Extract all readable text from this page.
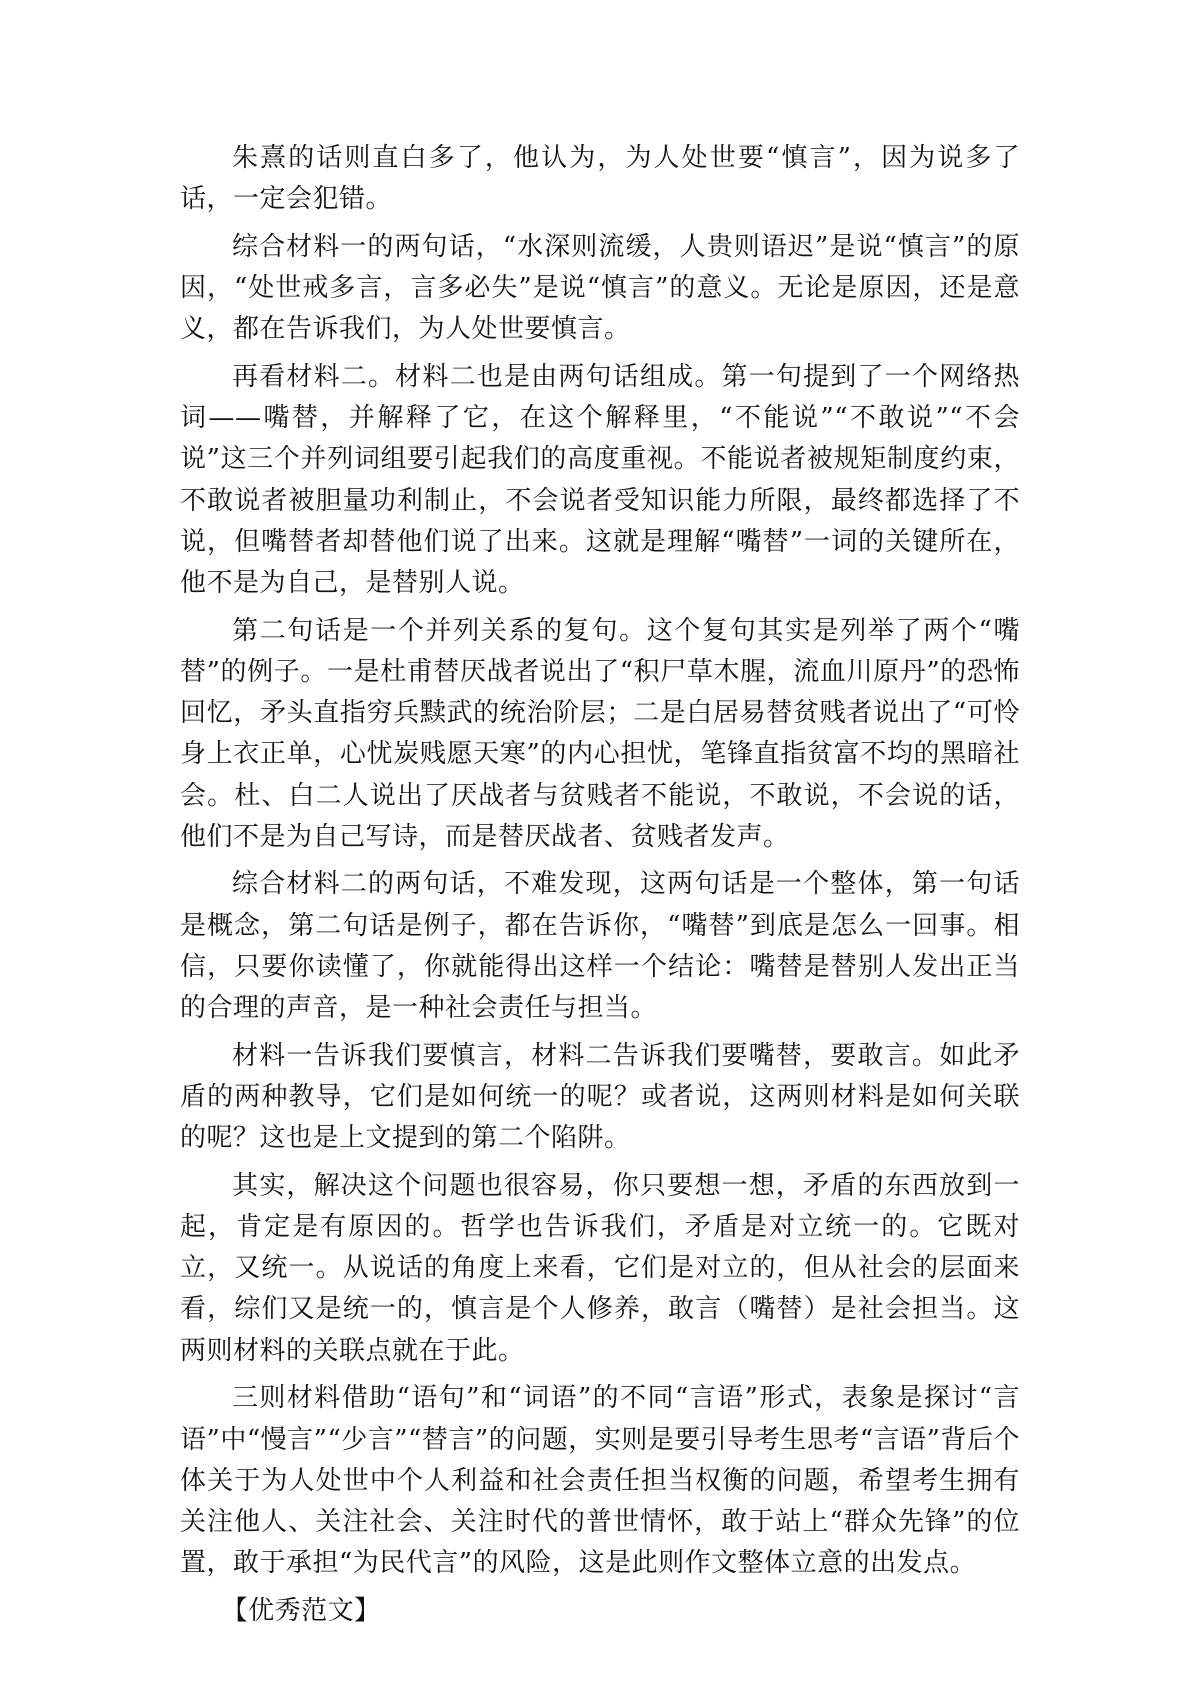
朱熹的话则直白多了，他认为，为人处世要“慎言”，因为说多了话，一定会犯错。

综合材料一的两句话，“水深则流缓，人贵则语迟”是说“慎言”的原因，“处世戒多言，言多必失”是说“慎言”的意义。无论是原因，还是意义，都在告诉我们，为人处世要慎言。

再看材料二。材料二也是由两句话组成。第一句提到了一个网络热词——嘴替，并解释了它，在这个解释里，“不能说”“不敢说”“不会说”这三个并列词组要引起我们的高度重视。不能说者被规矩制度约束，不敢说者被胆量功利制止，不会说者受知识能力所限，最终都选择了不说，但嘴替者却替他们说了出来。这就是理解“嘴替”一词的关键所在，他不是为自己，是替别人说。

第二句话是一个并列关系的复句。这个复句其实是列举了两个“嘴替”的例子。一是杜甫替厌战者说出了“积尸草木腥，流血川原丹”的恐怖回忆，矛头直指穷兵黩武的统治阶层；二是白居易替贫贱者说出了“可怜身上衣正单，心忧炭贱愿天寒”的内心担忧，笔锋直指贫富不均的黑暗社会。杜、白二人说出了厌战者与贫贱者不能说，不敢说，不会说的话，他们不是为自己写诗，而是替厌战者、贫贱者发声。

综合材料二的两句话，不难发现，这两句话是一个整体，第一句话是概念，第二句话是例子，都在告诉你，“嘴替”到底是怎么一回事。相信，只要你读懂了，你就能得出这样一个结论：嘴替是替别人发出正当的合理的声音，是一种社会责任与担当。

材料一告诉我们要慎言，材料二告诉我们要嘴替，要敢言。如此矛盾的两种教导，它们是如何统一的呢？或者说，这两则材料是如何关联的呢？这也是上文提到的第二个陷阱。

其实，解决这个问题也很容易，你只要想一想，矛盾的东西放到一起，肯定是有原因的。哲学也告诉我们，矛盾是对立统一的。它既对立，又统一。从说话的角度上来看，它们是对立的，但从社会的层面来看，综们又是统一的，慎言是个人修养，敢言（嘴替）是社会担当。这两则材料的关联点就在于此。

三则材料借助“语句”和“词语”的不同“言语”形式，表象是探讨“言语”中“慢言”“少言”“替言”的问题，实则是要引导考生思考“言语”背后个体关于为人处世中个人利益和社会责任担当权衡的问题，希望考生拥有关注他人、关注社会、关注时代的普世情怀，敢于站上“群众先锋”的位置，敢于承担“为民代言”的风险，这是此则作文整体立意的出发点。

【优秀范文】
